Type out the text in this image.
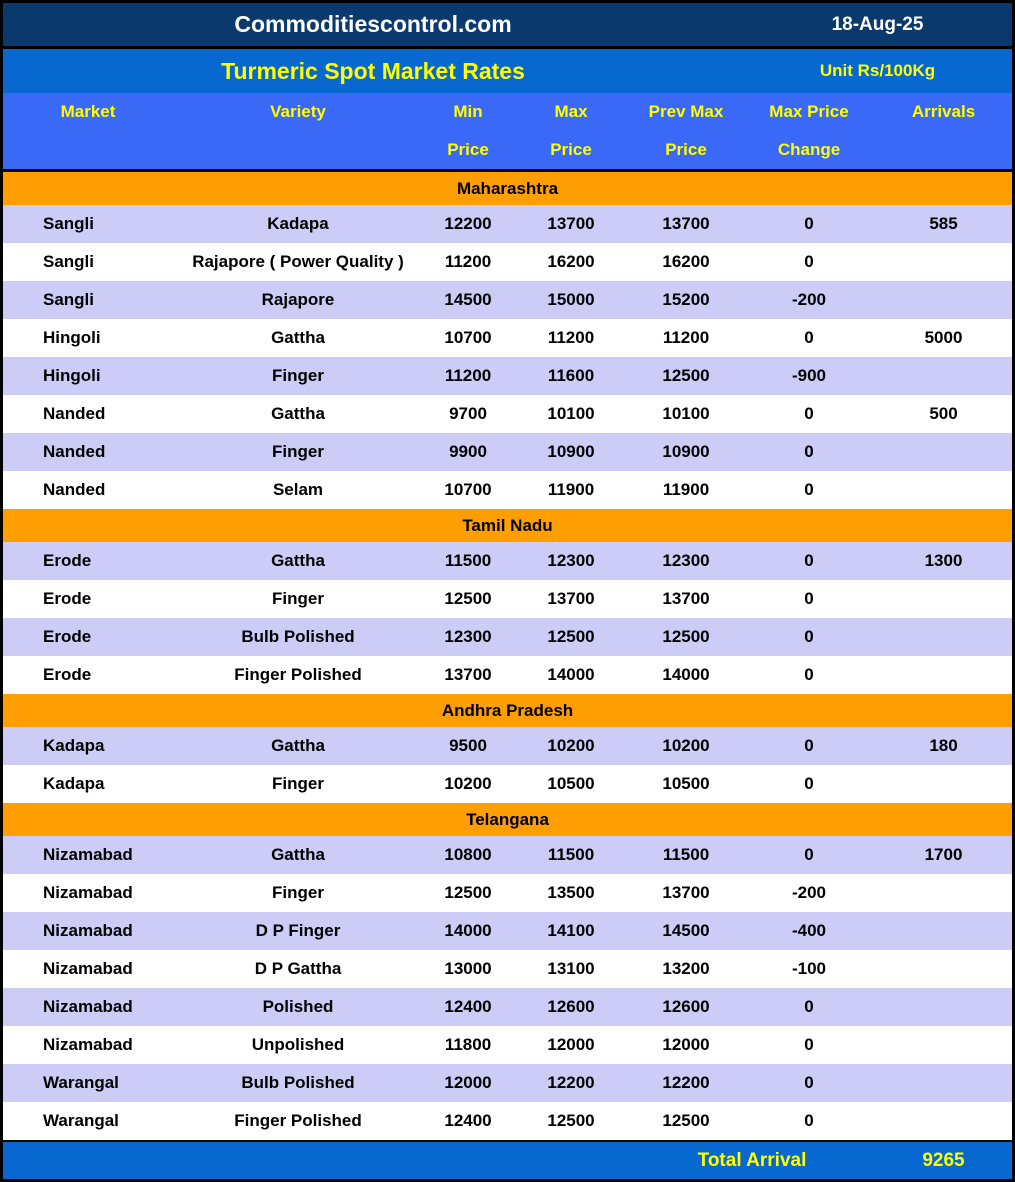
Commoditiescontrol.com	18-Aug-25
Turmeric Spot Market Rates	Unit Rs/100Kg
Market	Variety	Min	Max	Prev Max	Max Price	Arrivals
Price	Price	Price	Change
Maharashtra
Sangli	Kadapa	12200	13700	13700	0	585
Sangli	Rajapore ( Power Quality )	11200	16200	16200	0
Sangli	Rajapore	14500	15000	15200	-200
Hingoli	Gattha	10700	11200	11200	0	5000
Hingoli	Finger	11200	11600	12500	-900
Nanded	Gattha	9700	10100	10100	0	500
Nanded	Finger	9900	10900	10900	0
Nanded	Selam	10700	11900	11900	0
Tamil Nadu
Erode	Gattha	11500	12300	12300	0	1300
Erode	Finger	12500	13700	13700	0
Erode	Bulb Polished	12300	12500	12500	0
Erode	Finger Polished	13700	14000	14000	0
Andhra Pradesh
Kadapa	Gattha	9500	10200	10200	0	180
Kadapa	Finger	10200	10500	10500	0
Telangana
Nizamabad	Gattha	10800	11500	11500	0	1700
Nizamabad	Finger	12500	13500	13700	-200
Nizamabad	D P Finger	14000	14100	14500	-400
Nizamabad	D P Gattha	13000	13100	13200	-100
Nizamabad	Polished	12400	12600	12600	0
Nizamabad	Unpolished	11800	12000	12000	0
Warangal	Bulb Polished	12000	12200	12200	0
Warangal	Finger Polished	12400	12500	12500	0
Total Arrival	9265
